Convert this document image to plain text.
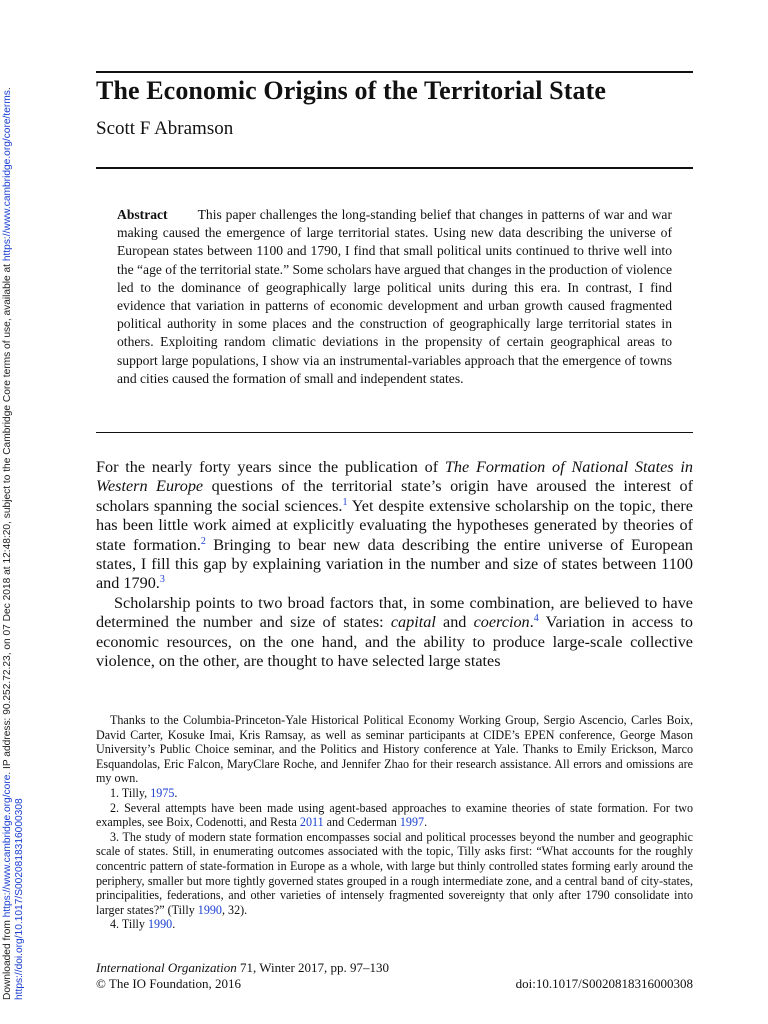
Downloaded from https://www.cambridge.org/core. IP address: 90.252.72.23, on 07 Dec 2018 at 12:48:20, subject to the Cambridge Core terms of use, available at https://www.cambridge.org/core/terms.
https://doi.org/10.1017/S0020818316000308
The Economic Origins of the Territorial State

Scott F Abramson

Abstract This paper challenges the long-standing belief that changes in patterns of war and war making caused the emergence of large territorial states. Using new data describing the universe of European states between 1100 and 1790, I find that small political units continued to thrive well into the “age of the territorial state.” Some scholars have argued that changes in the production of violence led to the dominance of geographically large political units during this era. In contrast, I find evidence that variation in patterns of economic development and urban growth caused fragmented political authority in some places and the construction of geographically large territorial states in others. Exploiting random climatic deviations in the propensity of certain geographical areas to support large populations, I show via an instrumental-variables approach that the emergence of towns and cities caused the formation of small and independent states.

For the nearly forty years since the publication of The Formation of National States in Western Europe questions of the territorial state’s origin have aroused the interest of scholars spanning the social sciences.$^1$ Yet despite extensive scholarship on the topic, there has been little work aimed at explicitly evaluating the hypotheses generated by theories of state formation.$^2$ Bringing to bear new data describing the entire universe of European states, I fill this gap by explaining variation in the number and size of states between 1100 and 1790.$^3$

Scholarship points to two broad factors that, in some combination, are believed to have determined the number and size of states: capital and coercion.$^4$ Variation in access to economic resources, on the one hand, and the ability to produce large-scale collective violence, on the other, are thought to have selected large states

Thanks to the Columbia-Princeton-Yale Historical Political Economy Working Group, Sergio Ascencio, Carles Boix, David Carter, Kosuke Imai, Kris Ramsay, as well as seminar participants at CIDE’s EPEN conference, George Mason University’s Public Choice seminar, and the Politics and History conference at Yale. Thanks to Emily Erickson, Marco Esquandolas, Eric Falcon, MaryClare Roche, and Jennifer Zhao for their research assistance. All errors and omissions are my own.

1. Tilly, 1975.

2. Several attempts have been made using agent-based approaches to examine theories of state formation. For two examples, see Boix, Codenotti, and Resta 2011 and Cederman 1997.

3. The study of modern state formation encompasses social and political processes beyond the number and geographic scale of states. Still, in enumerating outcomes associated with the topic, Tilly asks first: “What accounts for the roughly concentric pattern of state-formation in Europe as a whole, with large but thinly controlled states forming early around the periphery, smaller but more tightly governed states grouped in a rough intermediate zone, and a central band of city-states, principalities, federations, and other varieties of intensely fragmented sovereignty that only after 1790 consolidate into larger states?” (Tilly 1990, 32).

4. Tilly 1990.

International Organization 71, Winter 2017, pp. 97–130
© The IO Foundation, 2016	doi:10.1017/S0020818316000308
